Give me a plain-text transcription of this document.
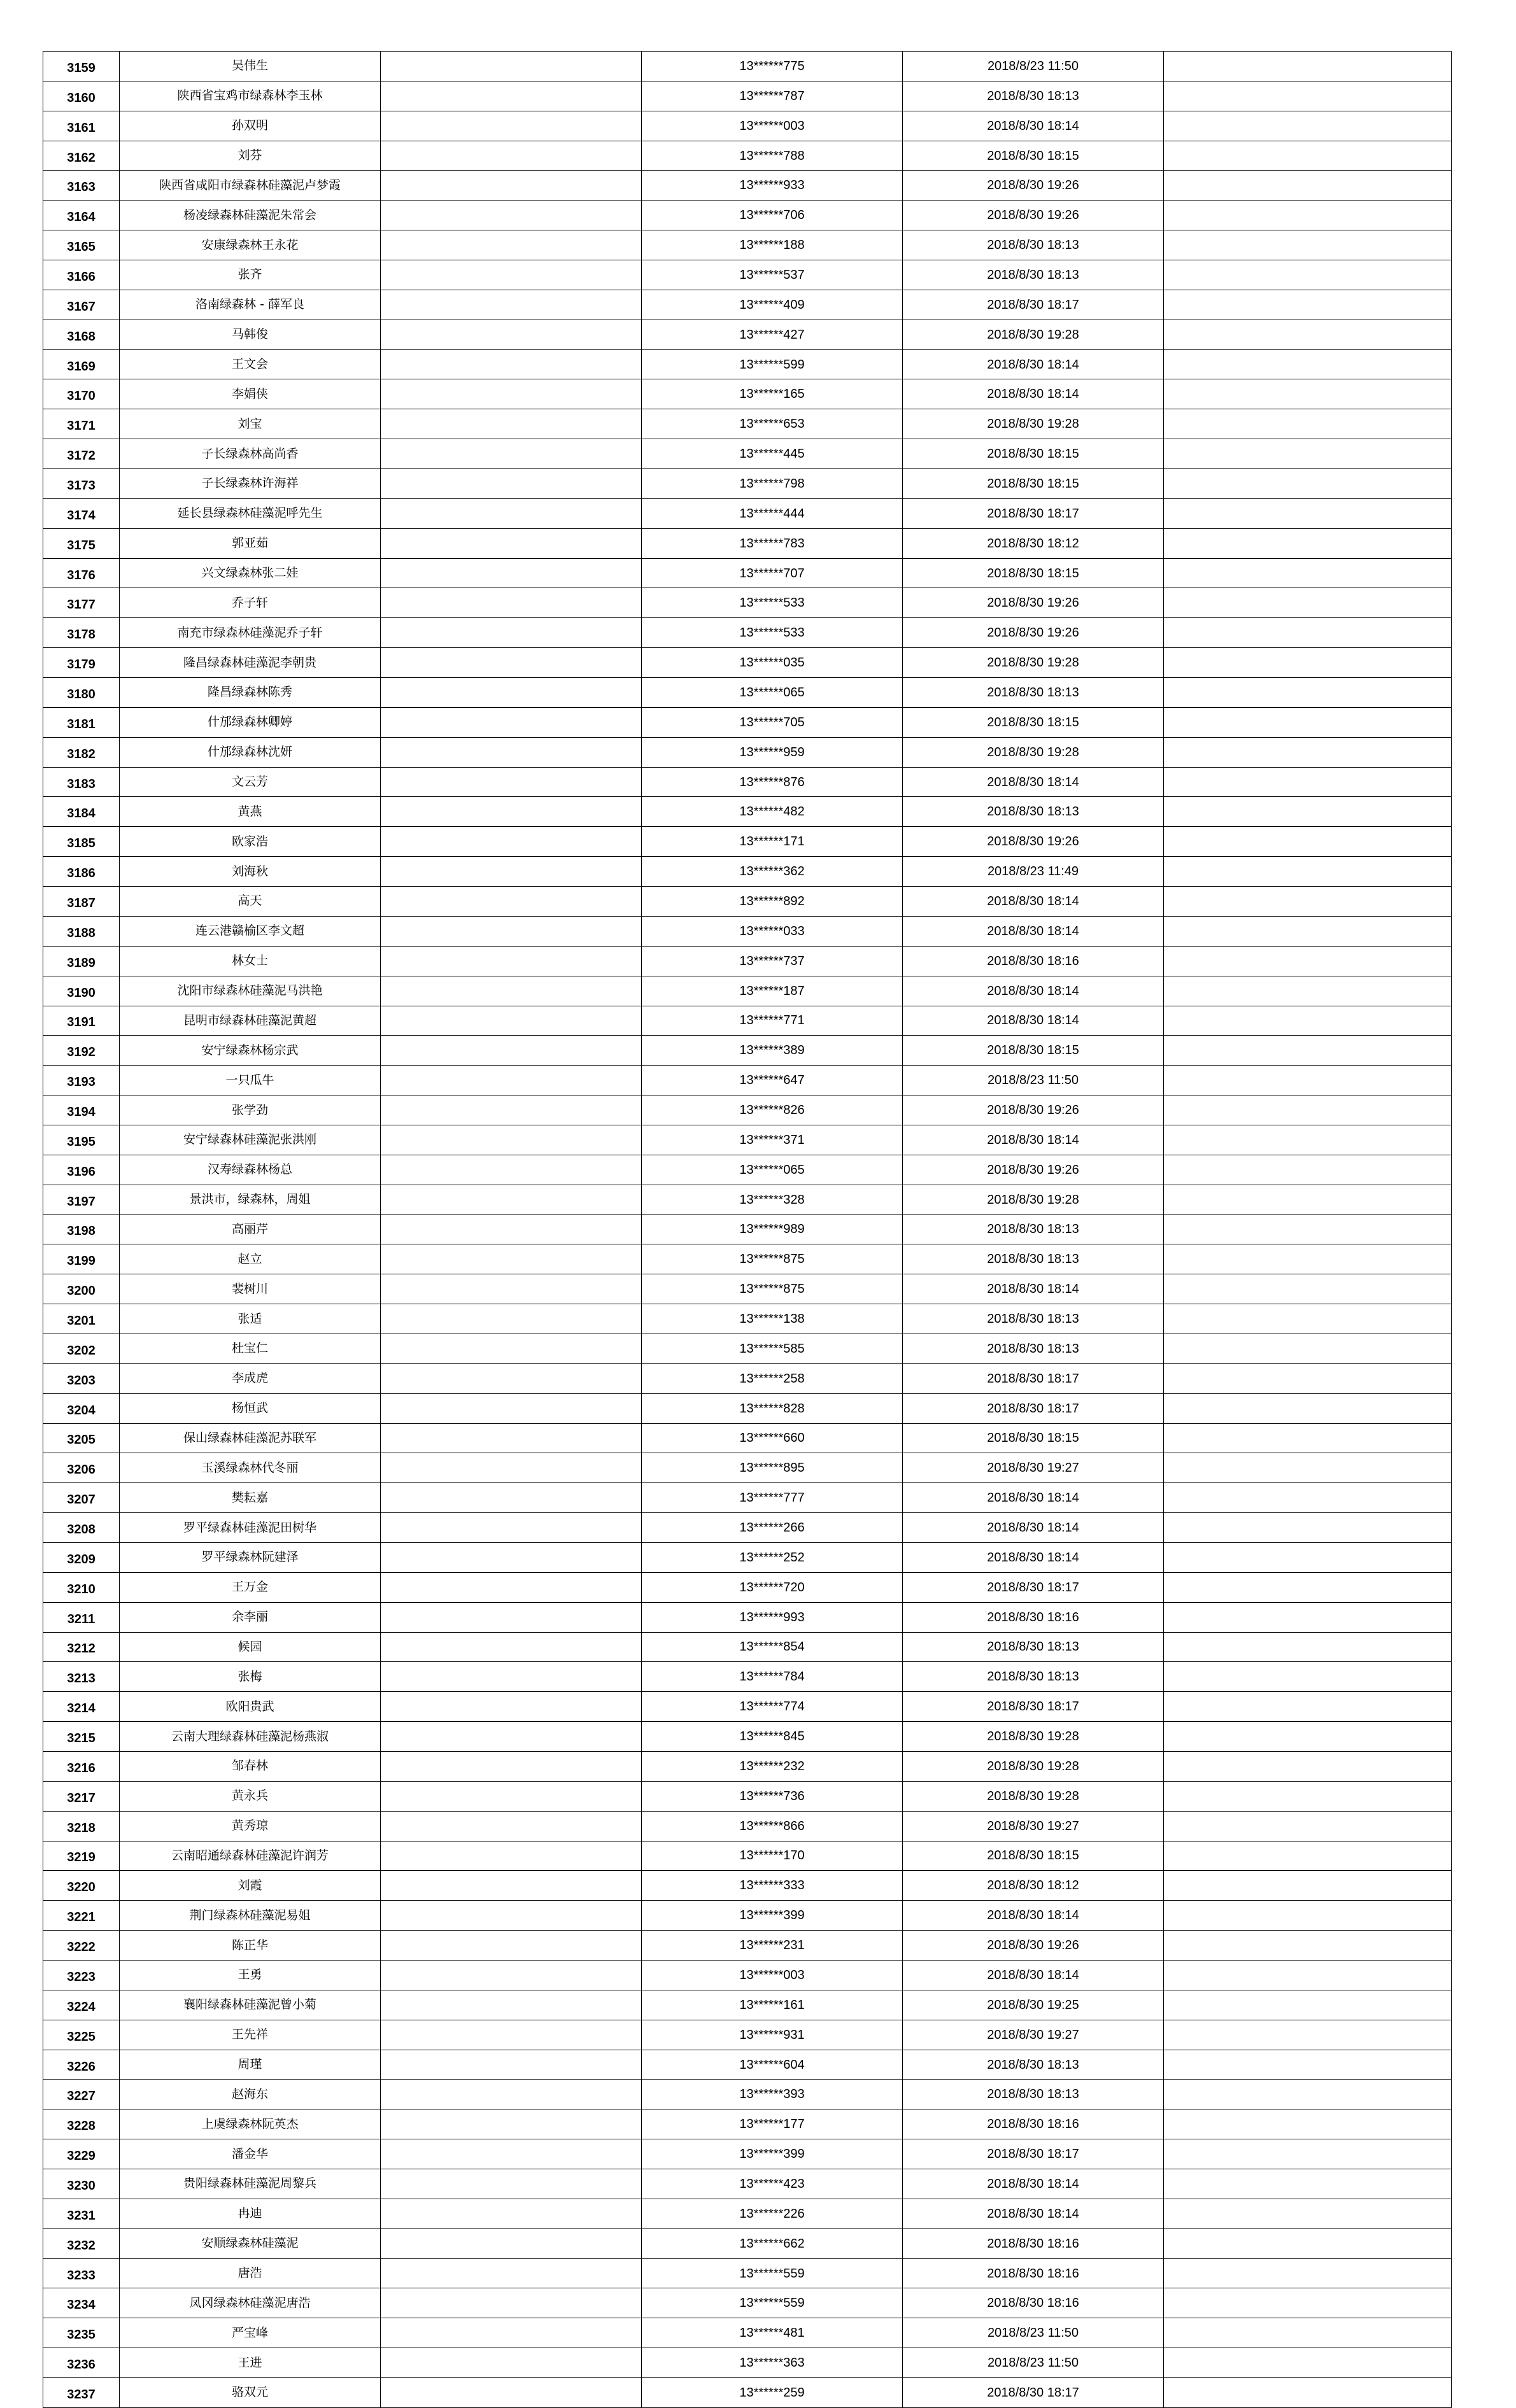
3159	吴伟生		13******775	2018/8/23 11:50	
3160	陕西省宝鸡市绿森林李玉林		13******787	2018/8/30 18:13	
3161	孙双明		13******003	2018/8/30 18:14	
3162	刘芬		13******788	2018/8/30 18:15	
3163	陕西省咸阳市绿森林硅藻泥卢梦霞		13******933	2018/8/30 19:26	
3164	杨凌绿森林硅藻泥朱常会		13******706	2018/8/30 19:26	
3165	安康绿森林王永花		13******188	2018/8/30 18:13	
3166	张齐		13******537	2018/8/30 18:13	
3167	洛南绿森林 - 薛军良		13******409	2018/8/30 18:17	
3168	马韩俊		13******427	2018/8/30 19:28	
3169	王文会		13******599	2018/8/30 18:14	
3170	李娟侠		13******165	2018/8/30 18:14	
3171	刘宝		13******653	2018/8/30 19:28	
3172	子长绿森林高尚香		13******445	2018/8/30 18:15	
3173	子长绿森林许海祥		13******798	2018/8/30 18:15	
3174	延长县绿森林硅藻泥呼先生		13******444	2018/8/30 18:17	
3175	郭亚茹		13******783	2018/8/30 18:12	
3176	兴文绿森林张二娃		13******707	2018/8/30 18:15	
3177	乔子轩		13******533	2018/8/30 19:26	
3178	南充市绿森林硅藻泥乔子轩		13******533	2018/8/30 19:26	
3179	隆昌绿森林硅藻泥李朝贵		13******035	2018/8/30 19:28	
3180	隆昌绿森林陈秀		13******065	2018/8/30 18:13	
3181	什邡绿森林卿婷		13******705	2018/8/30 18:15	
3182	什邡绿森林沈妍		13******959	2018/8/30 19:28	
3183	文云芳		13******876	2018/8/30 18:14	
3184	黄燕		13******482	2018/8/30 18:13	
3185	欧家浩		13******171	2018/8/30 19:26	
3186	刘海秋		13******362	2018/8/23 11:49	
3187	高天		13******892	2018/8/30 18:14	
3188	连云港赣榆区李文超		13******033	2018/8/30 18:14	
3189	林女士		13******737	2018/8/30 18:16	
3190	沈阳市绿森林硅藻泥马洪艳		13******187	2018/8/30 18:14	
3191	昆明市绿森林硅藻泥黄超		13******771	2018/8/30 18:14	
3192	安宁绿森林杨宗武		13******389	2018/8/30 18:15	
3193	一只瓜牛		13******647	2018/8/23 11:50	
3194	张学劲		13******826	2018/8/30 19:26	
3195	安宁绿森林硅藻泥张洪刚		13******371	2018/8/30 18:14	
3196	汉寿绿森林杨总		13******065	2018/8/30 19:26	
3197	景洪市，绿森林，周姐		13******328	2018/8/30 19:28	
3198	高丽芹		13******989	2018/8/30 18:13	
3199	赵立		13******875	2018/8/30 18:13	
3200	裴树川		13******875	2018/8/30 18:14	
3201	张适		13******138	2018/8/30 18:13	
3202	杜宝仁		13******585	2018/8/30 18:13	
3203	李成虎		13******258	2018/8/30 18:17	
3204	杨恒武		13******828	2018/8/30 18:17	
3205	保山绿森林硅藻泥苏联军		13******660	2018/8/30 18:15	
3206	玉溪绿森林代冬丽		13******895	2018/8/30 19:27	
3207	樊耘嘉		13******777	2018/8/30 18:14	
3208	罗平绿森林硅藻泥田树华		13******266	2018/8/30 18:14	
3209	罗平绿森林阮建泽		13******252	2018/8/30 18:14	
3210	王万金		13******720	2018/8/30 18:17	
3211	余李丽		13******993	2018/8/30 18:16	
3212	候园		13******854	2018/8/30 18:13	
3213	张梅		13******784	2018/8/30 18:13	
3214	欧阳贵武		13******774	2018/8/30 18:17	
3215	云南大理绿森林硅藻泥杨燕淑		13******845	2018/8/30 19:28	
3216	邹春林		13******232	2018/8/30 19:28	
3217	黄永兵		13******736	2018/8/30 19:28	
3218	黄秀琼		13******866	2018/8/30 19:27	
3219	云南昭通绿森林硅藻泥许润芳		13******170	2018/8/30 18:15	
3220	刘霞		13******333	2018/8/30 18:12	
3221	荆门绿森林硅藻泥易姐		13******399	2018/8/30 18:14	
3222	陈正华		13******231	2018/8/30 19:26	
3223	王勇		13******003	2018/8/30 18:14	
3224	襄阳绿森林硅藻泥曾小菊		13******161	2018/8/30 19:25	
3225	王先祥		13******931	2018/8/30 19:27	
3226	周瑾		13******604	2018/8/30 18:13	
3227	赵海东		13******393	2018/8/30 18:13	
3228	上虞绿森林阮英杰		13******177	2018/8/30 18:16	
3229	潘金华		13******399	2018/8/30 18:17	
3230	贵阳绿森林硅藻泥周黎兵		13******423	2018/8/30 18:14	
3231	冉迪		13******226	2018/8/30 18:14	
3232	安顺绿森林硅藻泥		13******662	2018/8/30 18:16	
3233	唐浩		13******559	2018/8/30 18:16	
3234	凤冈绿森林硅藻泥唐浩		13******559	2018/8/30 18:16	
3235	严宝峰		13******481	2018/8/23 11:50	
3236	王进		13******363	2018/8/23 11:50	
3237	骆双元		13******259	2018/8/30 18:17	
